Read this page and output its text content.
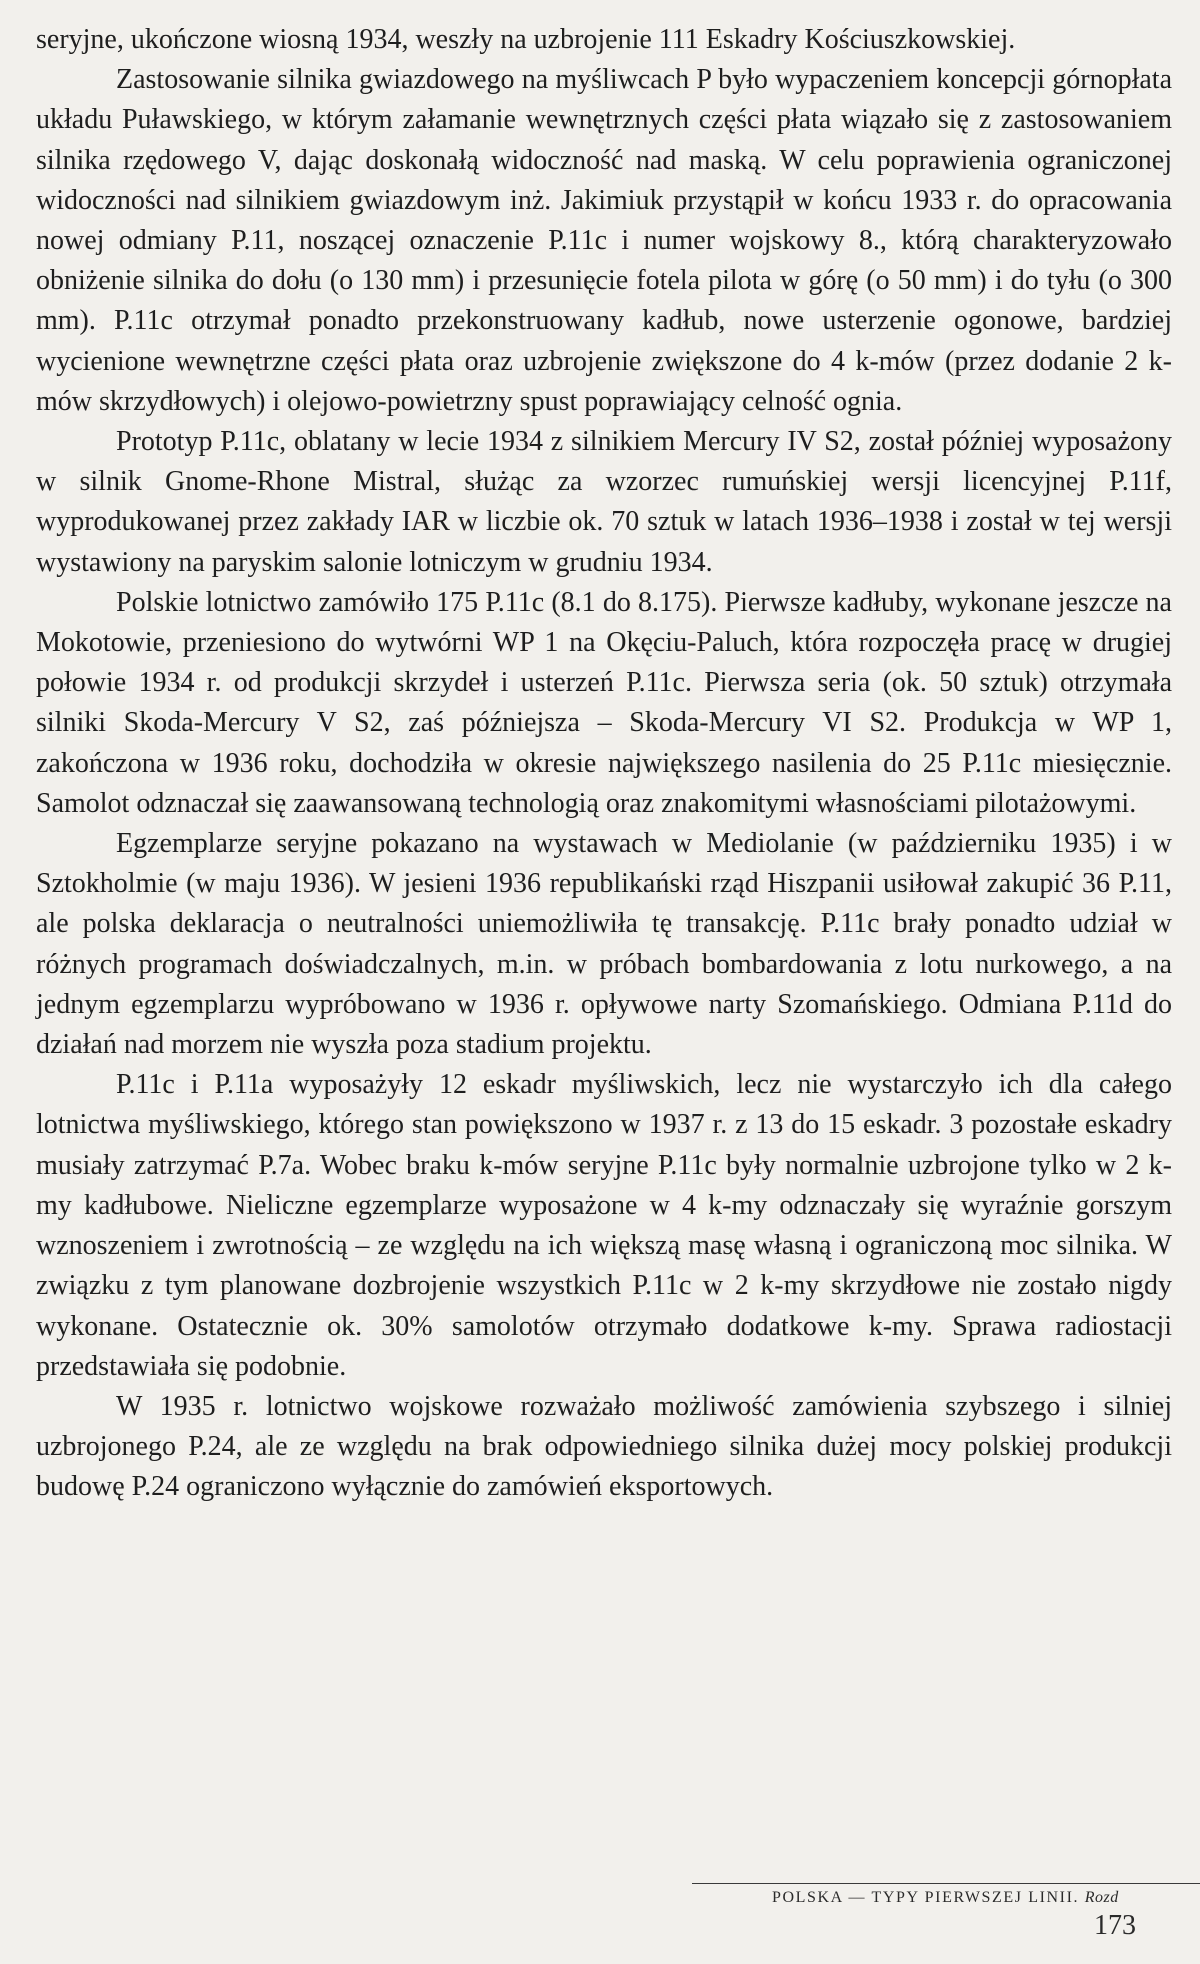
seryjne, ukończone wiosną 1934, weszły na uzbrojenie 111 Eskadry Kościuszkowskiej.

Zastosowanie silnika gwiazdowego na myśliwcach P było wypaczeniem koncepcji górnopłata układu Puławskiego, w którym załamanie wewnętrznych części płata wiązało się z zastosowaniem silnika rzędowego V, dając doskonałą widoczność nad maską. W celu poprawienia ograniczonej widoczności nad silnikiem gwiazdowym inż. Jakimiuk przystąpił w końcu 1933 r. do opracowania nowej odmiany P.11, noszącej oznaczenie P.11c i numer wojskowy 8., którą charakteryzowało obniżenie silnika do dołu (o 130 mm) i przesunięcie fotela pilota w górę (o 50 mm) i do tyłu (o 300 mm). P.11c otrzymał ponadto przekonstruowany kadłub, nowe usterzenie ogonowe, bardziej wycienione wewnętrzne części płata oraz uzbrojenie zwiększone do 4 k-mów (przez dodanie 2 k-mów skrzydłowych) i olejowo-powietrzny spust poprawiający celność ognia.

Prototyp P.11c, oblatany w lecie 1934 z silnikiem Mercury IV S2, został później wyposażony w silnik Gnome-Rhone Mistral, służąc za wzorzec rumuńskiej wersji licencyjnej P.11f, wyprodukowanej przez zakłady IAR w liczbie ok. 70 sztuk w latach 1936–1938 i został w tej wersji wystawiony na paryskim salonie lotniczym w grudniu 1934.

Polskie lotnictwo zamówiło 175 P.11c (8.1 do 8.175). Pierwsze kadłuby, wykonane jeszcze na Mokotowie, przeniesiono do wytwórni WP 1 na Okęciu-Paluch, która rozpoczęła pracę w drugiej połowie 1934 r. od produkcji skrzydeł i usterzeń P.11c. Pierwsza seria (ok. 50 sztuk) otrzymała silniki Skoda-Mercury V S2, zaś późniejsza – Skoda-Mercury VI S2. Produkcja w WP 1, zakończona w 1936 roku, dochodziła w okresie największego nasilenia do 25 P.11c miesięcznie. Samolot odznaczał się zaawansowaną technologią oraz znakomitymi własnościami pilotażowymi.

Egzemplarze seryjne pokazano na wystawach w Mediolanie (w październiku 1935) i w Sztokholmie (w maju 1936). W jesieni 1936 republikański rząd Hiszpanii usiłował zakupić 36 P.11, ale polska deklaracja o neutralności uniemożliwiła tę transakcję. P.11c brały ponadto udział w różnych programach doświadczalnych, m.in. w próbach bombardowania z lotu nurkowego, a na jednym egzemplarzu wypróbowano w 1936 r. opływowe narty Szomańskiego. Odmiana P.11d do działań nad morzem nie wyszła poza stadium projektu.

P.11c i P.11a wyposażyły 12 eskadr myśliwskich, lecz nie wystarczyło ich dla całego lotnictwa myśliwskiego, którego stan powiększono w 1937 r. z 13 do 15 eskadr. 3 pozostałe eskadry musiały zatrzymać P.7a. Wobec braku k-mów seryjne P.11c były normalnie uzbrojone tylko w 2 k-my kadłubowe. Nieliczne egzemplarze wyposażone w 4 k-my odznaczały się wyraźnie gorszym wznoszeniem i zwrotnością – ze względu na ich większą masę własną i ograniczoną moc silnika. W związku z tym planowane dozbrojenie wszystkich P.11c w 2 k-my skrzydłowe nie zostało nigdy wykonane. Ostatecznie ok. 30% samolotów otrzymało dodatkowe k-my. Sprawa radiostacji przedstawiała się podobnie.

W 1935 r. lotnictwo wojskowe rozważało możliwość zamówienia szybszego i silniej uzbrojonego P.24, ale ze względu na brak odpowiedniego silnika dużej mocy polskiej produkcji budowę P.24 ograniczono wyłącznie do zamówień eksportowych.

POLSKA — TYPY PIERWSZEJ LINII. Rozd
173
